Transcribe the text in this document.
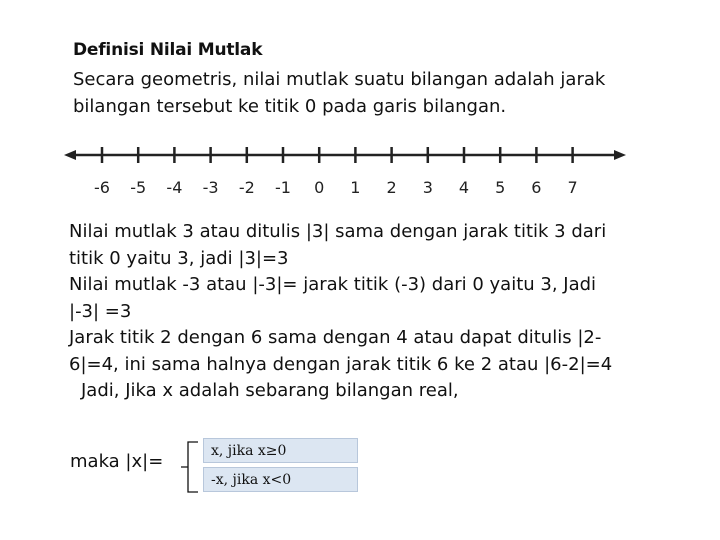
Definisi Nilai Mutlak
Secara geometris, nilai mutlak suatu bilangan adalah jarak
bilangan tersebut ke titik 0 pada garis bilangan.
-6 -5 -4 -3 -2 -1 0 1 2 3 4 5 6 7
Nilai mutlak 3 atau ditulis |3| sama dengan jarak titik 3 dari
titik 0 yaitu 3, jadi |3|=3
Nilai mutlak -3 atau |-3|= jarak titik (-3) dari 0 yaitu 3, Jadi
|-3| =3
Jarak titik 2 dengan 6 sama dengan 4 atau dapat ditulis |2-
6|=4, ini sama halnya dengan jarak titik 6 ke 2 atau |6-2|=4
Jadi, Jika x adalah sebarang bilangan real,
maka |x|=	x, jika x≥0
-x, jika x<0
